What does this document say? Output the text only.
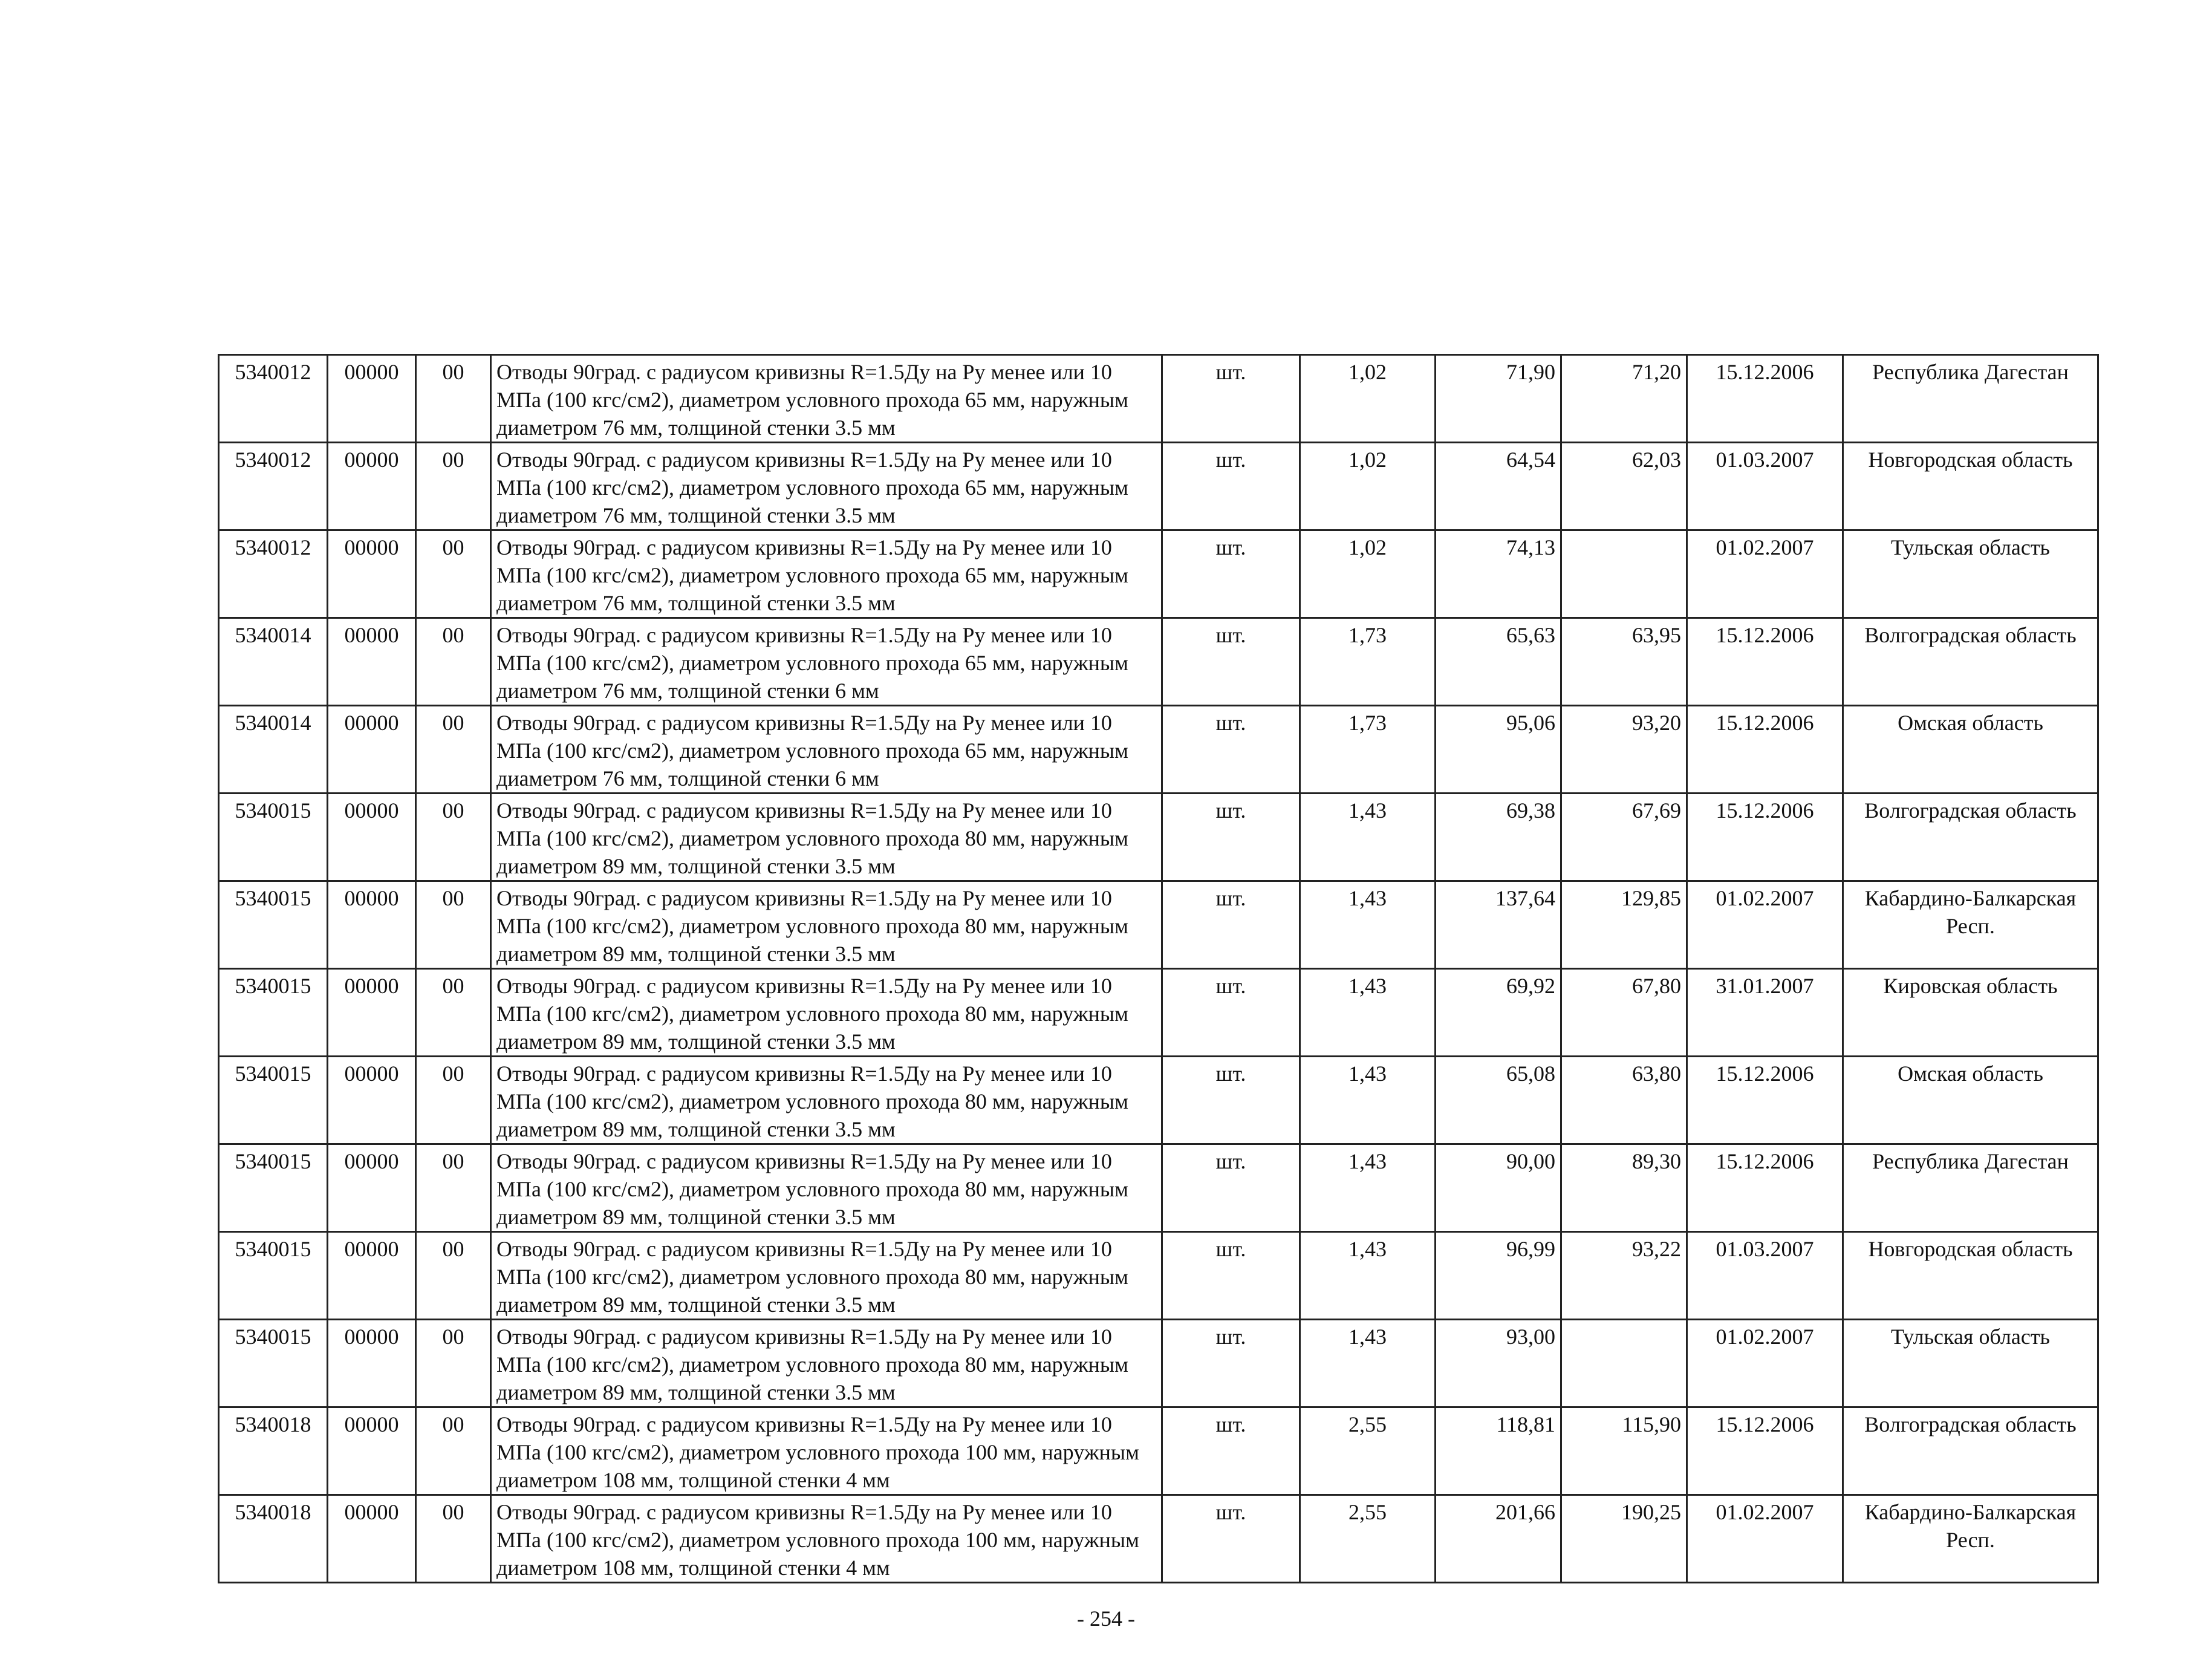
5340012	00000	00	Отводы 90град. с радиусом кривизны R=1.5Ду на Ру менее или 10 МПа (100 кгс/см2), диаметром условного прохода 65 мм, наружным диаметром 76 мм, толщиной стенки 3.5 мм	шт.	1,02	71,90	71,20	15.12.2006	Республика Дагестан
5340012	00000	00	Отводы 90град. с радиусом кривизны R=1.5Ду на Ру менее или 10 МПа (100 кгс/см2), диаметром условного прохода 65 мм, наружным диаметром 76 мм, толщиной стенки 3.5 мм	шт.	1,02	64,54	62,03	01.03.2007	Новгородская область
5340012	00000	00	Отводы 90град. с радиусом кривизны R=1.5Ду на Ру менее или 10 МПа (100 кгс/см2), диаметром условного прохода 65 мм, наружным диаметром 76 мм, толщиной стенки 3.5 мм	шт.	1,02	74,13		01.02.2007	Тульская область
5340014	00000	00	Отводы 90град. с радиусом кривизны R=1.5Ду на Ру менее или 10 МПа (100 кгс/см2), диаметром условного прохода 65 мм, наружным диаметром 76 мм, толщиной стенки 6 мм	шт.	1,73	65,63	63,95	15.12.2006	Волгоградская область
5340014	00000	00	Отводы 90град. с радиусом кривизны R=1.5Ду на Ру менее или 10 МПа (100 кгс/см2), диаметром условного прохода 65 мм, наружным диаметром 76 мм, толщиной стенки 6 мм	шт.	1,73	95,06	93,20	15.12.2006	Омская область
5340015	00000	00	Отводы 90град. с радиусом кривизны R=1.5Ду на Ру менее или 10 МПа (100 кгс/см2), диаметром условного прохода 80 мм, наружным диаметром 89 мм, толщиной стенки 3.5 мм	шт.	1,43	69,38	67,69	15.12.2006	Волгоградская область
5340015	00000	00	Отводы 90град. с радиусом кривизны R=1.5Ду на Ру менее или 10 МПа (100 кгс/см2), диаметром условного прохода 80 мм, наружным диаметром 89 мм, толщиной стенки 3.5 мм	шт.	1,43	137,64	129,85	01.02.2007	Кабардино-Балкарская Респ.
5340015	00000	00	Отводы 90град. с радиусом кривизны R=1.5Ду на Ру менее или 10 МПа (100 кгс/см2), диаметром условного прохода 80 мм, наружным диаметром 89 мм, толщиной стенки 3.5 мм	шт.	1,43	69,92	67,80	31.01.2007	Кировская область
5340015	00000	00	Отводы 90град. с радиусом кривизны R=1.5Ду на Ру менее или 10 МПа (100 кгс/см2), диаметром условного прохода 80 мм, наружным диаметром 89 мм, толщиной стенки 3.5 мм	шт.	1,43	65,08	63,80	15.12.2006	Омская область
5340015	00000	00	Отводы 90град. с радиусом кривизны R=1.5Ду на Ру менее или 10 МПа (100 кгс/см2), диаметром условного прохода 80 мм, наружным диаметром 89 мм, толщиной стенки 3.5 мм	шт.	1,43	90,00	89,30	15.12.2006	Республика Дагестан
5340015	00000	00	Отводы 90град. с радиусом кривизны R=1.5Ду на Ру менее или 10 МПа (100 кгс/см2), диаметром условного прохода 80 мм, наружным диаметром 89 мм, толщиной стенки 3.5 мм	шт.	1,43	96,99	93,22	01.03.2007	Новгородская область
5340015	00000	00	Отводы 90град. с радиусом кривизны R=1.5Ду на Ру менее или 10 МПа (100 кгс/см2), диаметром условного прохода 80 мм, наружным диаметром 89 мм, толщиной стенки 3.5 мм	шт.	1,43	93,00		01.02.2007	Тульская область
5340018	00000	00	Отводы 90град. с радиусом кривизны R=1.5Ду на Ру менее или 10 МПа (100 кгс/см2), диаметром условного прохода 100 мм, наружным диаметром 108 мм, толщиной стенки 4 мм	шт.	2,55	118,81	115,90	15.12.2006	Волгоградская область
5340018	00000	00	Отводы 90град. с радиусом кривизны R=1.5Ду на Ру менее или 10 МПа (100 кгс/см2), диаметром условного прохода 100 мм, наружным диаметром 108 мм, толщиной стенки 4 мм	шт.	2,55	201,66	190,25	01.02.2007	Кабардино-Балкарская Респ.
- 254 -
